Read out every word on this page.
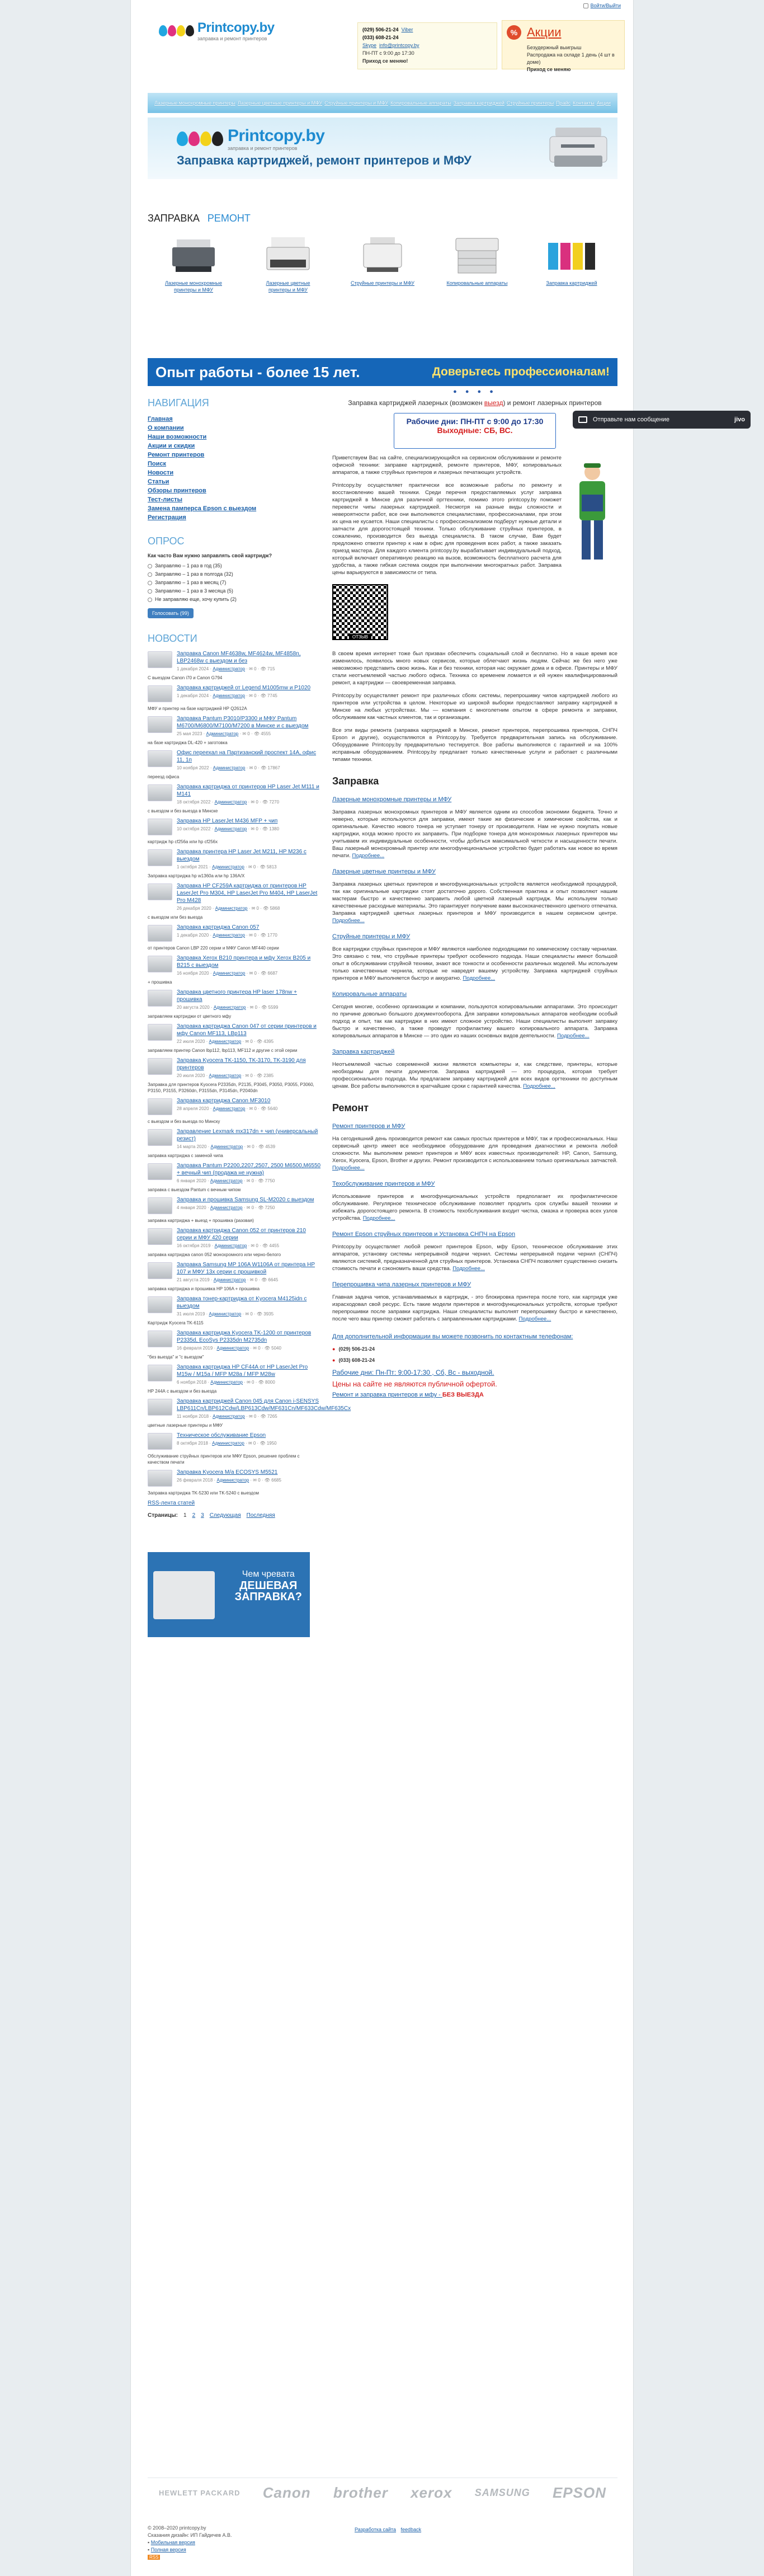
Войти/Выйти
Printcopy.by
заправка и ремонт принтеров
(029) 506-21-24 Viber
(033) 608-21-24
Skype info@printcopy.by
ПН-ПТ с 9:00 до 17:30
Приход се меняю!
% Акции
Безудержный выигрыш
Распродажа на складе 1 день (4 шт в доме)
Приход се меняю
Лазерные монохромные принтеры Лазерные цветные принтеры и МФУ Струйные принтеры и МФУ Копировальные аппараты Заправка картриджей Струйные принтеры Прайс Контакты Акции
Printcopy.by
заправка и ремонт принтеров
Заправка картриджей, ремонт принтеров и МФУ
ЗАПРАВКА РЕМОНТ
Лазерные монохромные принтеры и МФУ
Лазерные цветные принтеры и МФУ
Струйные принтеры и МФУ	Копировальные аппараты	Заправка картриджей
Опыт работы - более 15 лет.	Доверьтесь профессионалам!
НАВИГАЦИЯ
Главная
О компании
Наши возможности
Акции и скидки
Ремонт принтеров
Поиск
Новости
Статьи
Обзоры принтеров
Тест-листы
Замена памперса Epson с выездом
Регистрация
ОПРОС
Как часто Вам нужно заправлять свой картридж?
Заправляю – 1 раз в год (35)
Заправляю – 1 раз в полгода (32)
Заправляю – 1 раз в месяц (7)
Заправляю – 1 раз в 3 месяца (5)
Не заправляю еще, хочу купить (2)
Голосовать (99)
НОВОСТИ
Заправка Canon MF4638w, MF4624w, MF4858n, LBP2468w с выездом и без
1 декабря 2024 · Администратор · ✉ 0 · 👁 715
С выездом Canon i70 и Canon G794
Заправка картриджей от Legend M1005mw и P1020
1 декабря 2024 · Администратор · ✉ 0 · 👁 7745
МФУ и принтер на базе картриджей НР Q2612A
Заправка Pantum P3010/P3300 и МФУ Pantum M6700/M6800/M7100/M7200 в Минске и с выездом
25 мая 2023 · Администратор · ✉ 0 · 👁 4555
на базе картриджа DL-420 + заготовка
Офис переехал на Партизанский проспект 14А, офис 11, 1п
10 ноября 2022 · Администратор · ✉ 0 · 👁 17867
переезд офиса
Заправка картриджа от принтеров HP Laser Jet M111 и M141
18 октября 2022 · Администратор · ✉ 0 · 👁 7270
с выездом и без выезда в Минске
Заправка HP LaserJet M436 MFP + чип
10 октября 2022 · Администратор · ✉ 0 · 👁 1380
картридж hp cf256a или hp cf256x
Заправка принтера HP Laser Jet M211, HP M236 с выездом
1 октября 2021 · Администратор · ✉ 0 · 👁 5813
Заправка картриджа hp w1360a или hp 136A/X
Заправка HP CF259A картриджа от принтеров HP LaserJet Pro M304, HP LaserJet Pro M404, HP LaserJet Pro M428
26 декабря 2020 · Администратор · ✉ 0 · 👁 5868
с выездом или без выезда
Заправка картриджа Canon 057
1 декабря 2020 · Администратор · ✉ 0 · 👁 1770
от принтеров Canon LBP 220 серии и МФУ Canon MF440 серии
Заправка Xerox B210 принтера и мфу Xerox B205 и B215 с выездом
16 ноября 2020 · Администратор · ✉ 0 · 👁 6687
+ прошивка
Заправка цветного принтера HP laser 178nw + прошивка
20 августа 2020 · Администратор · ✉ 0 · 👁 5599
заправляем картриджи от цветного мфу
Заправка картриджа Canon 047 от серии принтеров и мфу Canon MF113, LBp113
22 июля 2020 · Администратор · ✉ 0 · 👁 4395
заправляем принтер Canon lbp112, lbp113, MF112 и другие с этой серии
Заправка Kyocera TK-1150, TK-3170, TK-3190 для принтеров
20 июля 2020 · Администратор · ✉ 0 · 👁 2385
Заправка для принтеров Kyocera P2335dn, P2135, P3045, P3050, P3055, P3060, P3150, P3155, P3260dn, P3155dn, P3145dn, P2040dn
Заправка картриджа Canon MF3010
28 апреля 2020 · Администратор · ✉ 0 · 👁 5640
с выездом и без выезда по Минску
Заправление Lexmark mx317dn + чип (универсальный резист)
14 марта 2020 · Администратор · ✉ 0 · 👁 4539
заправка картриджа с заменой чипа
Заправка Pantum P2200,2207,2507, 2500 M6500,M6550 + вечный чип (продажа не нужна)
6 января 2020 · Администратор · ✉ 0 · 👁 7750
заправка с выездом Pantum с вечным чипом
Заправка и прошивка Samsung SL-M2020 с выездом
4 января 2020 · Администратор · ✉ 0 · 👁 7250
заправка картриджа + выезд + прошивка (разовая)
Заправка картриджа Canon 052 от принтеров 210 серии и МФУ 420 серии
16 октября 2019 · Администратор · ✉ 0 · 👁 4455
заправка картриджа canon 052 монохромного или черно-белого
Заправка Samsung MP 106A W1106A от принтера HP 107 и МФУ 13х серии с прошивкой
21 августа 2019 · Администратор · ✉ 0 · 👁 6645
заправка картриджа и прошивка HP 106A + прошивка
Заправка тонер-картриджа от Kyocera M4125idn с выездом
31 июля 2019 · Администратор · ✉ 0 · 👁 3935
Картридж Kyocera TK-6115
Заправка картриджа Kyocera TK-1200 от принтеров P2335d, EcoSys P2335dn M2735dn
16 февраля 2019 · Администратор · ✉ 0 · 👁 5040
"без выезда" и "с выездом"
Заправка картриджа HP CF44A от HP LaserJet Pro M15w / M15a / MFP M28a / MFP M28w
6 ноября 2018 · Администратор · ✉ 0 · 👁 8000
HP 244А с выездом и без выезда
Заправка картриджей Canon 045 для Canon i-SENSYS LBP611Cn/LBP612Cdw/LBP613Cdw/MF631Cn/MF633Cdw/MF635Cx
11 ноября 2018 · Администратор · ✉ 0 · 👁 7265
цветные лазерные принтеры и МФУ
Техническое обслуживание Epson
8 октября 2018 · Администратор · ✉ 0 · 👁 1950
Обслуживание струйных принтеров или МФУ Epson, решение проблем с качеством печати
Заправка Kyocera M/a ECOSYS M5521
26 февраля 2018 · Администратор · ✉ 0 · 👁 6685
Заправка картриджа TK-5230 или TK-5240 с выездом
RSS-лента статей
Страницы: 1 2 3 Следующая Последняя
Чем чревата
ДЕШЕВАЯ
ЗАПРАВКА?
● ● ● ●
Заправка картриджей лазерных (возможен выезд) и ремонт лазерных принтеров
Рабочие дни: ПН-ПТ с 9:00 до 17:30
Выходные: СБ, ВС.
Приветствуем Вас на сайте, специализирующийся на сервисном обслуживании и ремонте офисной техники: заправке картриджей, ремонте принтеров, МФУ, копировальных аппаратов, а также струйных принтеров и лазерных печатающих устройств.
Printcopy.by осуществляет практически все возможные работы по ремонту и восстановлению вашей техники. Среди перечня предоставляемых услуг заправка картриджей в Минске для различной оргтехники, помимо этого printcopy.by поможет перевести чипы лазерных картриджей. Несмотря на разные виды сложности и невероятности работ, все они выполняются специалистами, профессионалами, при этом их цена не кусается. Наши специалисты с профессионализмом подберут нужные детали и запчасти для дорогостоящей техники. Только обслуживание струйных принтеров, в сожалению, производится без выезда специалиста. В таком случае, Вам будет предложено отвезти принтер к нам в офис для проведения всех работ, а также заказать приезд мастера. Для каждого клиента printcopy.by вырабатывает индивидуальный подход, который включает оперативную реакцию на вызов, возможность бесплатного расчета для удобства, а также гибкая система скидок при выполнении многократных работ. Заправка цены варьируются в зависимости от типа.
ОТЗЫВ
В своем время интернет тоже был призван обеспечить социальный слой и бесплатно. Но в наше время все изменилось, появилось много новых сервисов, которые облегчают жизнь людям. Сейчас же без него уже невозможно представить свою жизнь. Как и без техники, которая нас окружает дома и в офисе. Принтеры и МФУ стали неотъемлемой частью любого офиса. Техника со временем ломается и ей нужен квалифицированный ремонт, а картриджи — своевременная заправка.
Printcopy.by осуществляет ремонт при различных сбоях системы, перепрошивку чипов картриджей любого из принтеров или устройства в целом. Некоторые из широкой выборки предоставляют заправку картриджей в Минске на любых устройствах. Мы — компания с многолетним опытом в сфере ремонта и заправки, обслуживаем как частных клиентов, так и организации.
Все эти виды ремонта (заправка картриджей в Минске, ремонт принтеров, перепрошивка принтеров, СНПЧ Epson и другие), осуществляются в Printcopy.by. Требуется предварительная запись на обслуживание. Оборудование Printcopy.by предварительно тестируется. Все работы выполняются с гарантией и на 100% исправным оборудованием. Printcopy.by предлагает только качественные услуги и работает с различными типами техники.
Заправка
Лазерные монохромные принтеры и МФУ
Заправка лазерных монохромных принтеров и МФУ является одним из способов экономии бюджета. Точно и неверно, которые используются для заправки, имеют такие же физические и химические свойства, как и оригинальные. Качество нового тонера не уступает тонеру от производителя. Нам не нужно покупать новые картриджи, когда можно просто их заправить. При подборке тонера для монохромных лазерных принтеров мы учитываем их индивидуальные особенности, чтобы добиться максимальной четкости и насыщенности печати. Ваш лазерный монохромный принтер или многофункциональное устройство будет работать как новое во время печати. Подробнее...
Лазерные цветные принтеры и МФУ
Заправка лазерных цветных принтеров и многофункциональных устройств является необходимой процедурой, так как оригинальные картриджи стоят достаточно дорого. Собственная практика и опыт позволяют нашим мастерам быстро и качественно заправить любой цветной лазерный картридж. Мы используем только качественные расходные материалы. Это гарантирует получение вами высококачественного цветного отпечатка. Заправка картриджей цветных лазерных принтеров и МФУ производится в нашем сервисном центре. Подробнее...
Струйные принтеры и МФУ
Все картриджи струйных принтеров и МФУ являются наиболее подходящими по химическому составу чернилам. Это связано с тем, что струйные принтеры требуют особенного подхода. Наши специалисты имеют большой опыт в обслуживании струйной техники, знают все тонкости и особенности различных моделей. Мы используем только качественные чернила, которые не навредят вашему устройству. Заправка картриджей струйных принтеров и МФУ выполняется быстро и аккуратно. Подробнее...
Копировальные аппараты
Сегодня многие, особенно организации и компании, пользуются копировальными аппаратами. Это происходит по причине довольно большого документооборота. Для заправки копировальных аппаратов необходим особый подход и опыт, так как картриджи в них имеют сложное устройство. Наши специалисты выполнят заправку быстро и качественно, а также проведут профилактику вашего копировального аппарата. Заправка копировальных аппаратов в Минске — это один из наших основных видов деятельности. Подробнее...
Заправка картриджей
Неотъемлемой частью современной жизни являются компьютеры и, как следствие, принтеры, которые необходимы для печати документов. Заправка картриджей — это процедура, которая требует профессионального подхода. Мы предлагаем заправку картриджей для всех видов оргтехники по доступным ценам. Все работы выполняются в кратчайшие сроки с гарантией качества. Подробнее...
Ремонт
Ремонт принтеров и МФУ
На сегодняшний день производится ремонт как самых простых принтеров и МФУ, так и профессиональных. Наш сервисный центр имеет все необходимое оборудование для проведения диагностики и ремонта любой сложности. Мы выполняем ремонт принтеров и МФУ всех известных производителей: HP, Canon, Samsung, Xerox, Kyocera, Epson, Brother и других. Ремонт производится с использованием только оригинальных запчастей. Подробнее...
Техобслуживание принтеров и МФУ
Использование принтеров и многофункциональных устройств предполагает их профилактическое обслуживание. Регулярное техническое обслуживание позволяет продлить срок службы вашей техники и избежать дорогостоящего ремонта. В стоимость техобслуживания входит чистка, смазка и проверка всех узлов устройства. Подробнее...
Ремонт Epson струйных принтеров и Установка СНПЧ на Epson
Printcopy.by осуществляет любой ремонт принтеров Epson, мфу Epson, техническое обслуживание этих аппаратов, установку системы непрерывной подачи чернил. Системы непрерывной подачи чернил (СНПЧ) являются системой, предназначенной для струйных принтеров. Установка СНПЧ позволяет существенно снизить стоимость печати и сэкономить ваши средства. Подробнее...
Перепрошивка чипа лазерных принтеров и МФУ
Главная задача чипов, устанавливаемых в картридж, - это блокировка принтера после того, как картридж уже израсходовал свой ресурс. Есть такие модели принтеров и многофункциональных устройств, которые требуют перепрошивки после заправки картриджа. Наши специалисты выполнят перепрошивку быстро и качественно, после чего ваш принтер сможет работать с заправленными картриджами. Подробнее...
Для дополнительной информации вы можете позвонить по контактным телефонам:
● (029) 506-21-24
● (033) 608-21-24
Рабочие дни: Пн-Пт: 9:00-17:30 , Сб, Вс - выходной.
Цены на сайте не являются публичной офертой.
Ремонт и заправка принтеров и мфу - БЕЗ ВЫЕЗДА
HEWLETT PACKARD Canon brother xerox SAMSUNG EPSON
© 2008–2020 printcopy.by
Сказания дизайн: ИП Гайдичев А.В.
▪ Мобильная версия
▪ Полная версия
RSS
Разработка сайта feedback
Отправьте нам сообщение	jivo
